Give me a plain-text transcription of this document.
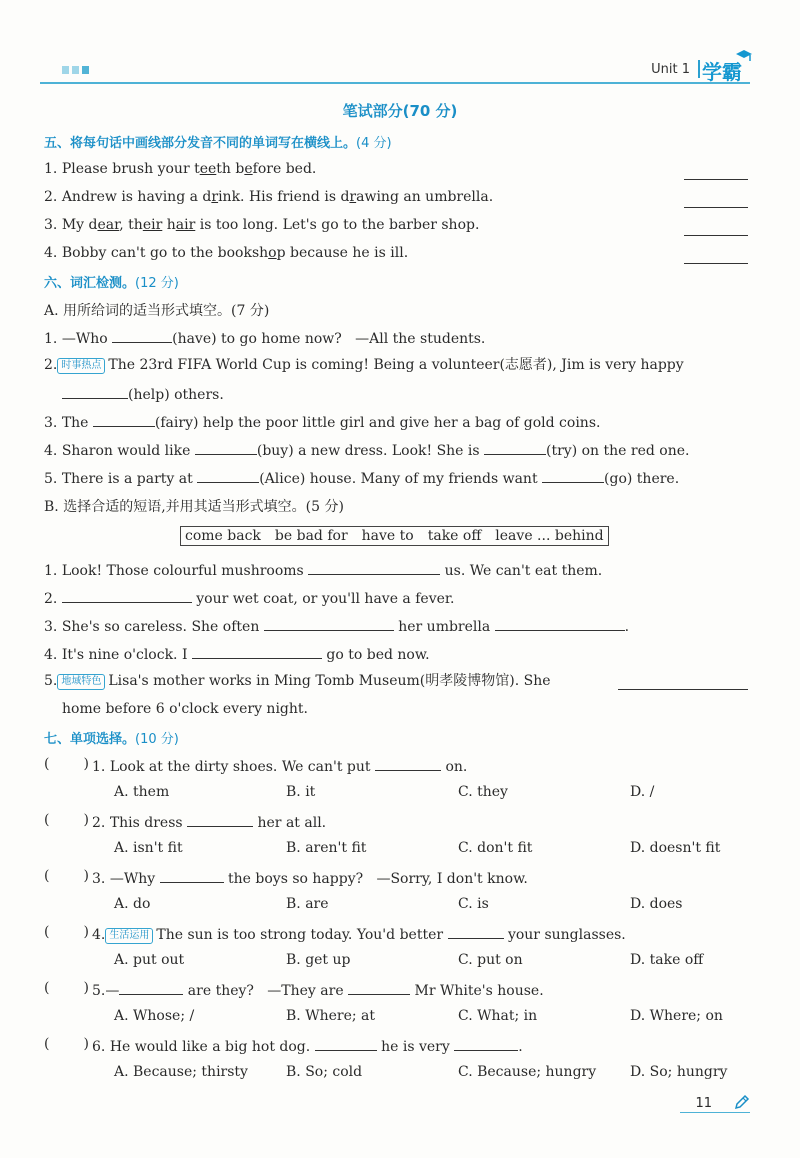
Unit 1 学霸
笔试部分(70 分)
五、将每句话中画线部分发音不同的单词写在横线上。(4 分)
1. Please brush your teeth before bed.
2. Andrew is having a drink. His friend is drawing an umbrella.
3. My dear, their hair is too long. Let's go to the barber shop.
4. Bobby can't go to the bookshop because he is ill.
六、词汇检测。(12 分)
A. 用所给词的适当形式填空。(7 分)
1. —Who	(have) to go home now? —All the students.
2. 时事热点 The 23rd FIFA World Cup is coming! Being a volunteer(志愿者), Jim is very happy
(help) others.
3. The	(fairy) help the poor little girl and give her a bag of gold coins.
4. Sharon would like	(buy) a new dress. Look! She is	(try) on the red one.
5. There is a party at	(Alice) house. Many of my friends want	(go) there.
B. 选择合适的短语,并用其适当形式填空。(5 分)
come back be bad for have to take off leave ... behind
1. Look! Those colourful mushrooms	us. We can't eat them.
2.	your wet coat, or you'll have a fever.
3. She's so careless. She often	her umbrella	.
4. It's nine o'clock. I	go to bed now.
5. 地域特色 Lisa's mother works in Ming Tomb Museum(明孝陵博物馆). She
home before 6 o'clock every night.
七、单项选择。(10 分)
( ) 1. Look at the dirty shoes. We can't put	on.
A. them	B. it	C. they	D. /
( ) 2. This dress	her at all.
A. isn't fit	B. aren't fit	C. don't fit	D. doesn't fit
( ) 3. —Why	the boys so happy? —Sorry, I don't know.
A. do	B. are	C. is	D. does
( ) 4. 生活运用 The sun is too strong today. You'd better	your sunglasses.
A. put out	B. get up	C. put on	D. take off
( ) 5.—	are they? —They are	Mr White's house.
A. Whose; /	B. Where; at	C. What; in	D. Where; on
( ) 6. He would like a big hot dog.	he is very	.
A. Because; thirsty	B. So; cold	C. Because; hungry D. So; hungry
11
